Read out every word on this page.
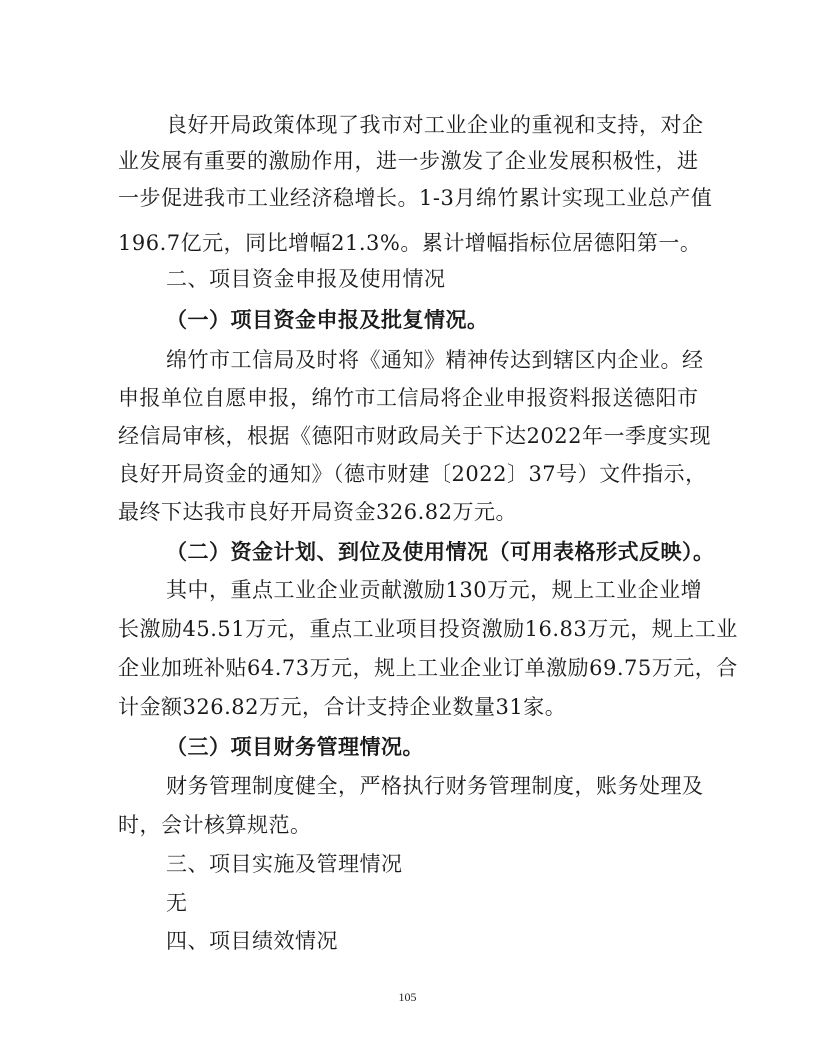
良好开局政策体现了我市对工业企业的重视和支持，对企
业发展有重要的激励作用，进一步激发了企业发展积极性，进
一步促进我市工业经济稳增长。1-3月绵竹累计实现工业总产值
196.7亿元，同比增幅21.3%。累计增幅指标位居德阳第一。
二、项目资金申报及使用情况
（一）项目资金申报及批复情况。
绵竹市工信局及时将《通知》精神传达到辖区内企业。经
申报单位自愿申报，绵竹市工信局将企业申报资料报送德阳市
经信局审核，根据《德阳市财政局关于下达2022年一季度实现
良好开局资金的通知》（德市财建〔2022〕37号）文件指示，
最终下达我市良好开局资金326.82万元。
（二）资金计划、到位及使用情况（可用表格形式反映）。
其中，重点工业企业贡献激励130万元，规上工业企业增
长激励45.51万元，重点工业项目投资激励16.83万元，规上工业
企业加班补贴64.73万元，规上工业企业订单激励69.75万元，合
计金额326.82万元，合计支持企业数量31家。
（三）项目财务管理情况。
财务管理制度健全，严格执行财务管理制度，账务处理及
时，会计核算规范。
三、项目实施及管理情况
无
四、项目绩效情况
105
